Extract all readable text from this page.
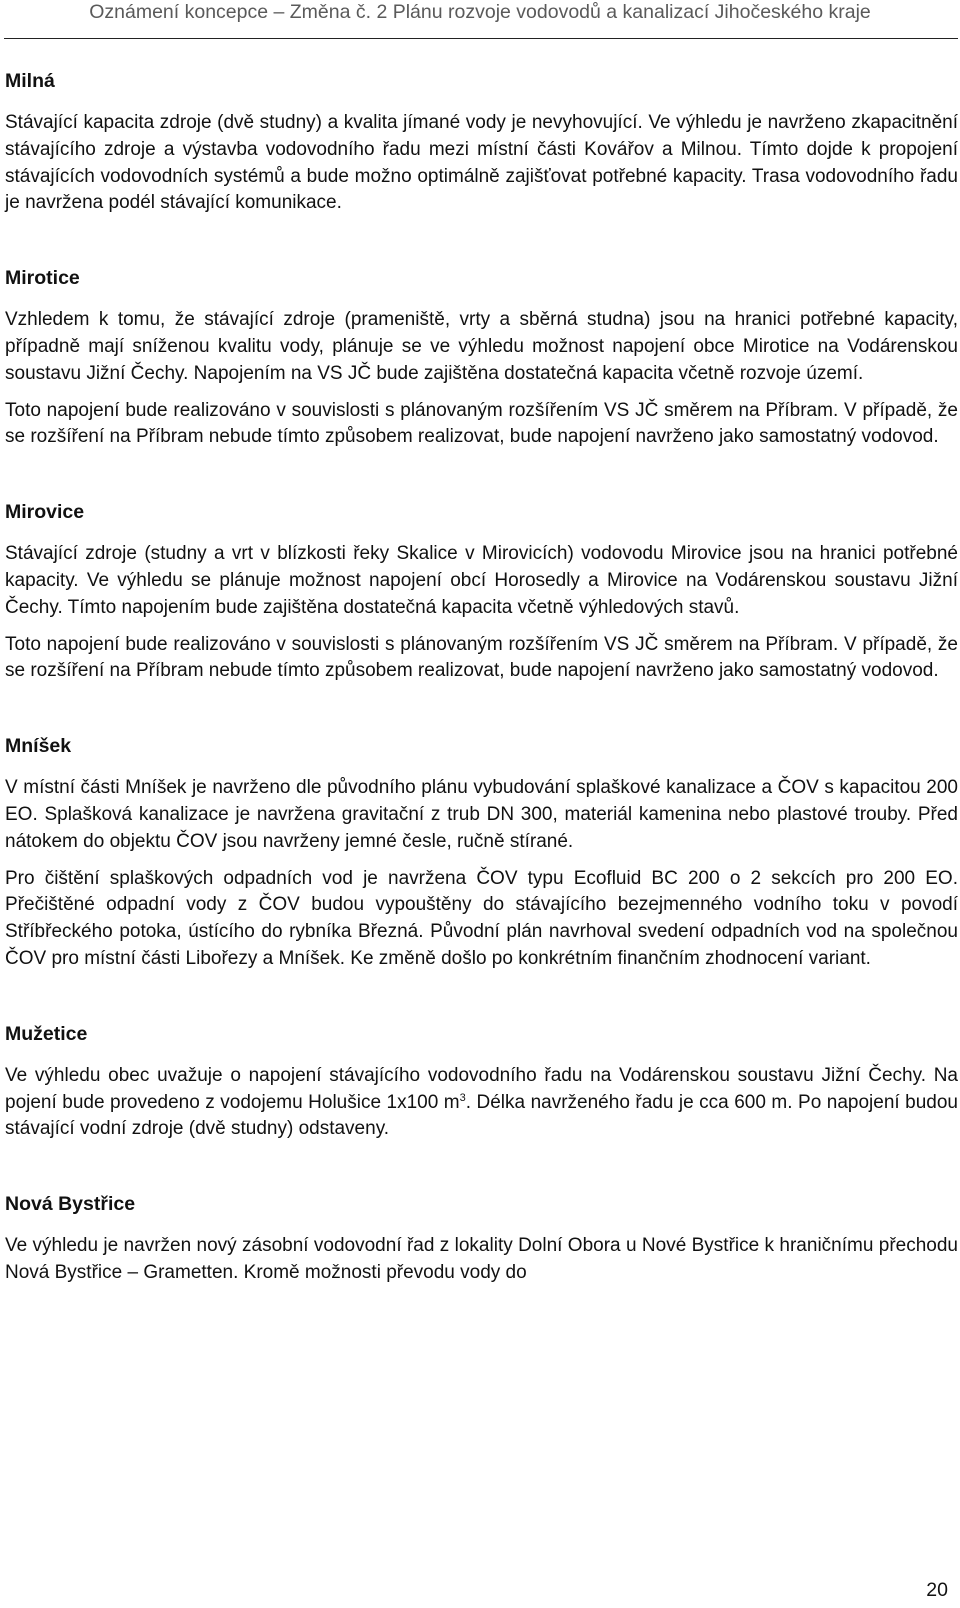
Oznámení koncepce – Změna č. 2 Plánu rozvoje vodovodů a kanalizací Jihočeského kraje
Milná

Stávající kapacita zdroje (dvě studny) a kvalita jímané vody je nevyhovující. Ve výhledu je navrženo zkapacitnění stávajícího zdroje a výstavba vodovodního řadu mezi místní části Kovářov a Milnou. Tímto dojde k propojení stávajících vodovodních systémů a bude možno optimálně zajišťovat potřebné kapacity. Trasa vodovodního řadu je navržena podél stávající komunikace.

Mirotice

Vzhledem k tomu, že stávající zdroje (prameniště, vrty a sběrná studna) jsou na hranici potřebné kapacity, případně mají sníženou kvalitu vody, plánuje se ve výhledu možnost napojení obce Mirotice na Vodárenskou soustavu Jižní Čechy. Napojením na VS JČ bude zajištěna dostatečná kapacita včetně rozvoje území.

Toto napojení bude realizováno v souvislosti s plánovaným rozšířením VS JČ směrem na Příbram. V případě, že se rozšíření na Příbram nebude tímto způsobem realizovat, bude napojení navrženo jako samostatný vodovod.

Mirovice

Stávající zdroje (studny a vrt v blízkosti řeky Skalice v Mirovicích) vodovodu Mirovice jsou na hranici potřebné kapacity. Ve výhledu se plánuje možnost napojení obcí Horosedly a Mirovice na Vodárenskou soustavu Jižní Čechy. Tímto napojením bude zajištěna dostatečná kapacita včetně výhledových stavů.

Toto napojení bude realizováno v souvislosti s plánovaným rozšířením VS JČ směrem na Příbram. V případě, že se rozšíření na Příbram nebude tímto způsobem realizovat, bude napojení navrženo jako samostatný vodovod.

Mníšek

V místní části Mníšek je navrženo dle původního plánu vybudování splaškové kanalizace a ČOV s kapacitou 200 EO. Splašková kanalizace je navržena gravitační z trub DN 300, materiál kamenina nebo plastové trouby. Před nátokem do objektu ČOV jsou navrženy jemné česle, ručně stírané.

Pro čištění splaškových odpadních vod je navržena ČOV typu Ecofluid BC 200 o 2 sekcích pro 200 EO. Přečištěné odpadní vody z ČOV budou vypouštěny do stávajícího bezejmenného vodního toku v povodí Stříbřeckého potoka, ústícího do rybníka Březná. Původní plán navrhoval svedení odpadních vod na společnou ČOV pro místní části Libořezy a Mníšek. Ke změně došlo po konkrétním finančním zhodnocení variant.

Mužetice

Ve výhledu obec uvažuje o napojení stávajícího vodovodního řadu na Vodárenskou soustavu Jižní Čechy. Na pojení bude provedeno z vodojemu Holušice 1x100 $m^3$. Délka navrženého řadu je cca 600 m. Po napojení budou stávající vodní zdroje (dvě studny) odstaveny.

Nová Bystřice

Ve výhledu je navržen nový zásobní vodovodní řad z lokality Dolní Obora u Nové Bystřice k hraničnímu přechodu Nová Bystřice – Grametten. Kromě možnosti převodu vody do

20
